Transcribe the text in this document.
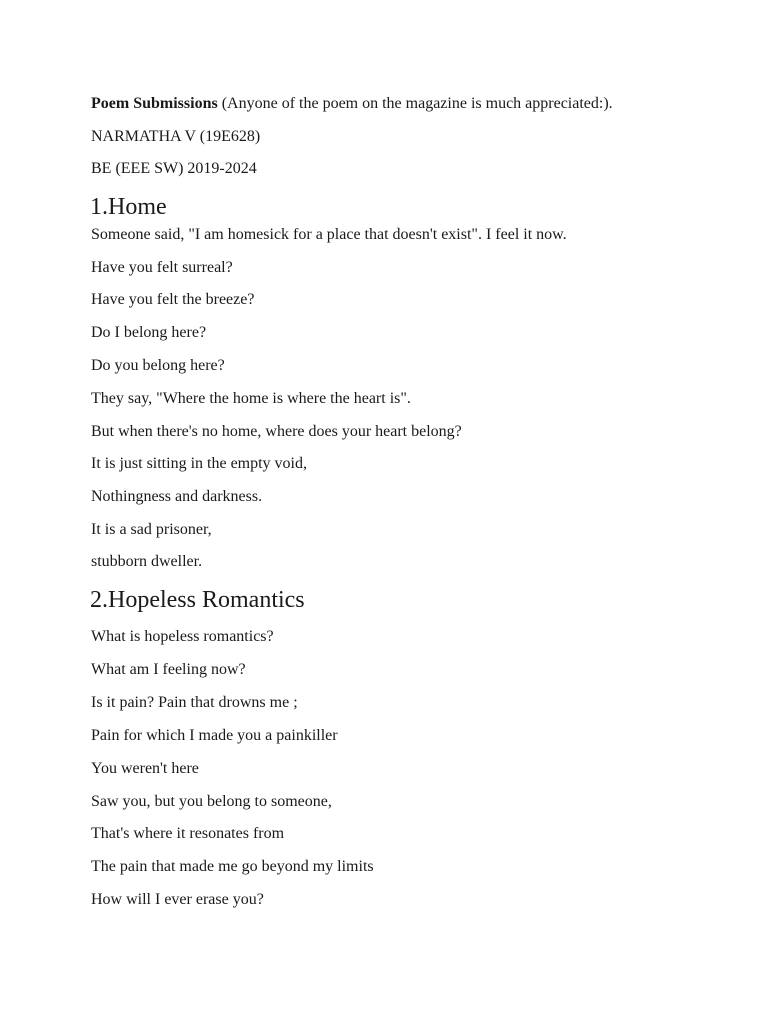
Poem Submissions (Anyone of the poem on the magazine is much appreciated:).
NARMATHA V (19E628)
BE (EEE SW) 2019-2024
1.Home
Someone said, "I am homesick for a place that doesn't exist". I feel it now.
Have you felt surreal?
Have you felt the breeze?
Do I belong here?
Do you belong here?
They say, "Where the home is where the heart is".
But when there's no home, where does your heart belong?
It is just sitting in the empty void,
Nothingness and darkness.
It is a sad prisoner,
stubborn dweller.
2.Hopeless Romantics
What is hopeless romantics?
What am I feeling now?
Is it pain? Pain that drowns me ;
Pain for which I made you a painkiller
You weren't here
Saw you, but you belong to someone,
That's where it resonates from
The pain that made me go beyond my limits
How will I ever erase you?
